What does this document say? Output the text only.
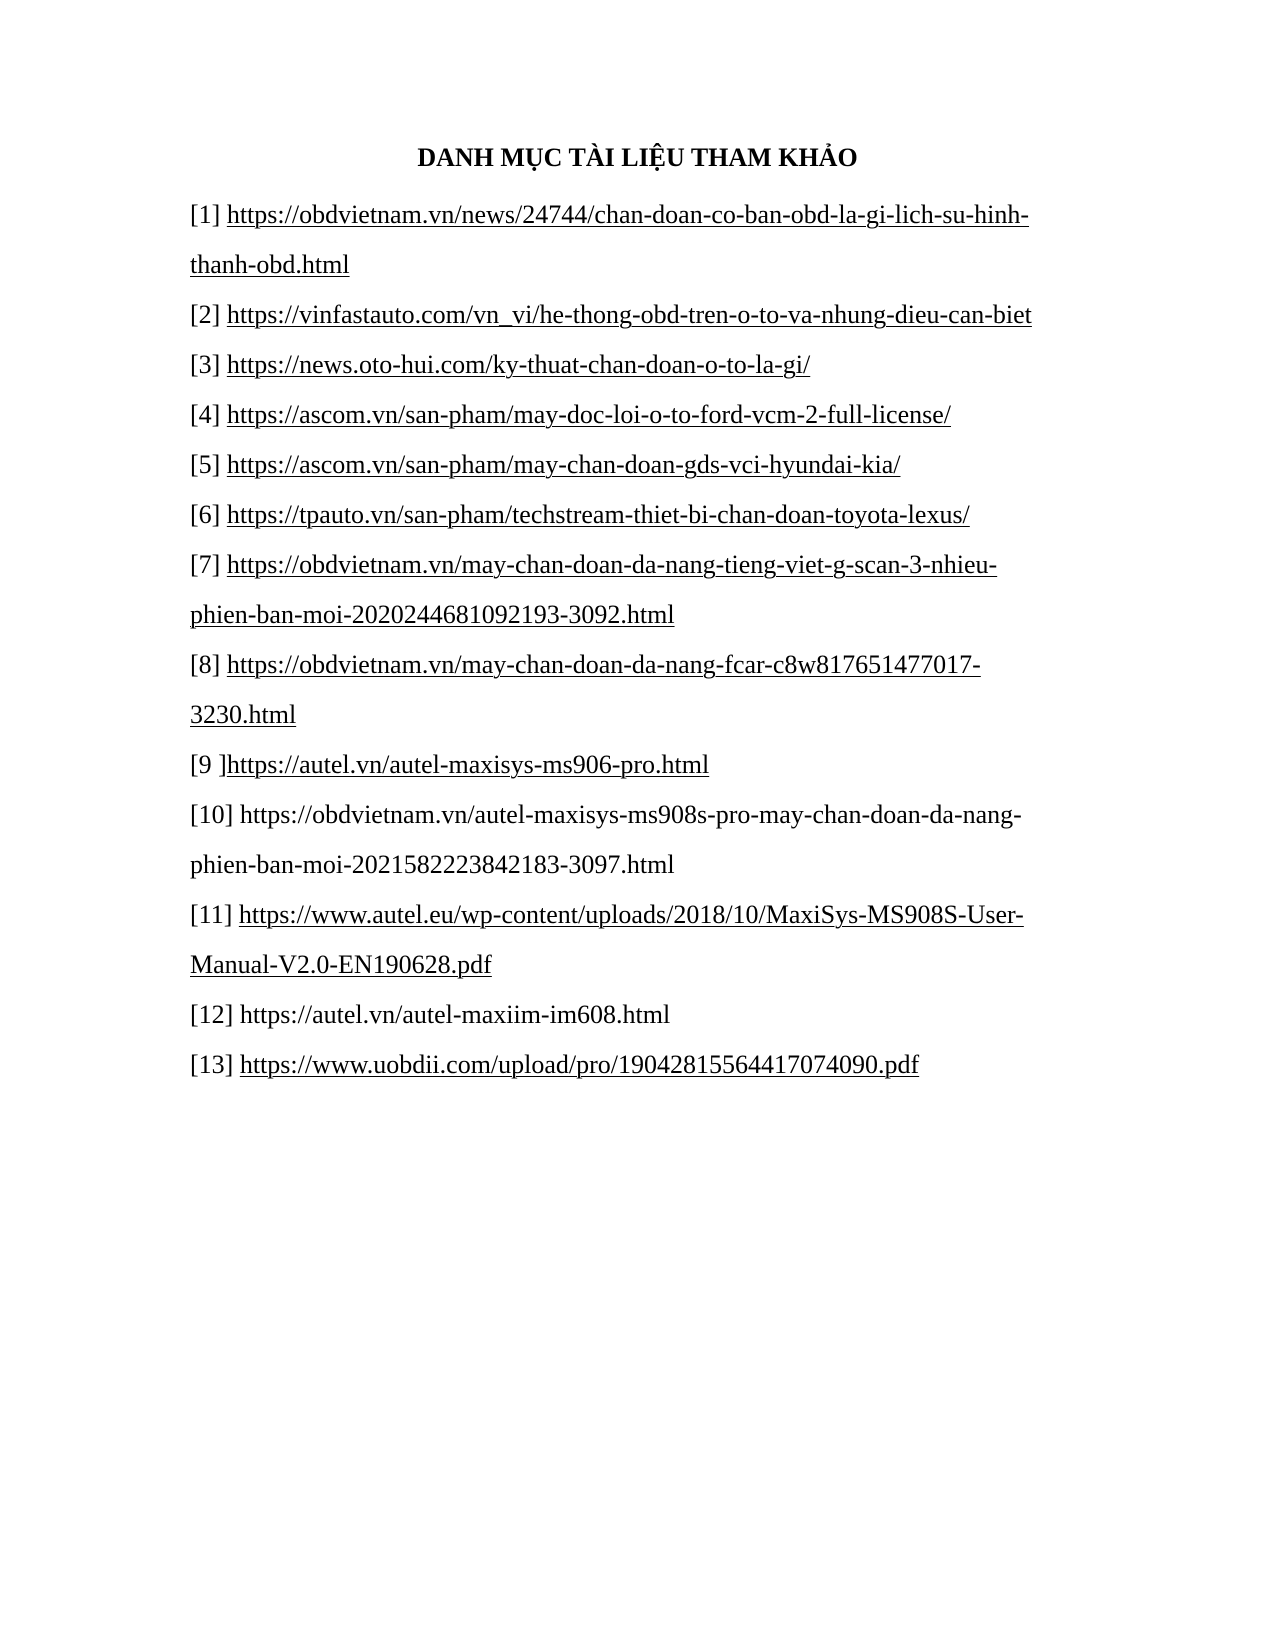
DANH MỤC TÀI LIỆU THAM KHẢO
[1] https://obdvietnam.vn/news/24744/chan-doan-co-ban-obd-la-gi-lich-su-hinh-
thanh-obd.html
[2] https://vinfastauto.com/vn_vi/he-thong-obd-tren-o-to-va-nhung-dieu-can-biet
[3] https://news.oto-hui.com/ky-thuat-chan-doan-o-to-la-gi/
[4] https://ascom.vn/san-pham/may-doc-loi-o-to-ford-vcm-2-full-license/
[5] https://ascom.vn/san-pham/may-chan-doan-gds-vci-hyundai-kia/
[6] https://tpauto.vn/san-pham/techstream-thiet-bi-chan-doan-toyota-lexus/
[7] https://obdvietnam.vn/may-chan-doan-da-nang-tieng-viet-g-scan-3-nhieu-
phien-ban-moi-2020244681092193-3092.html
[8] https://obdvietnam.vn/may-chan-doan-da-nang-fcar-c8w817651477017-
3230.html
[9 ]https://autel.vn/autel-maxisys-ms906-pro.html
[10] https://obdvietnam.vn/autel-maxisys-ms908s-pro-may-chan-doan-da-nang-
phien-ban-moi-2021582223842183-3097.html
[11] https://www.autel.eu/wp-content/uploads/2018/10/MaxiSys-MS908S-User-
Manual-V2.0-EN190628.pdf
[12] https://autel.vn/autel-maxiim-im608.html
[13] https://www.uobdii.com/upload/pro/19042815564417074090.pdf
